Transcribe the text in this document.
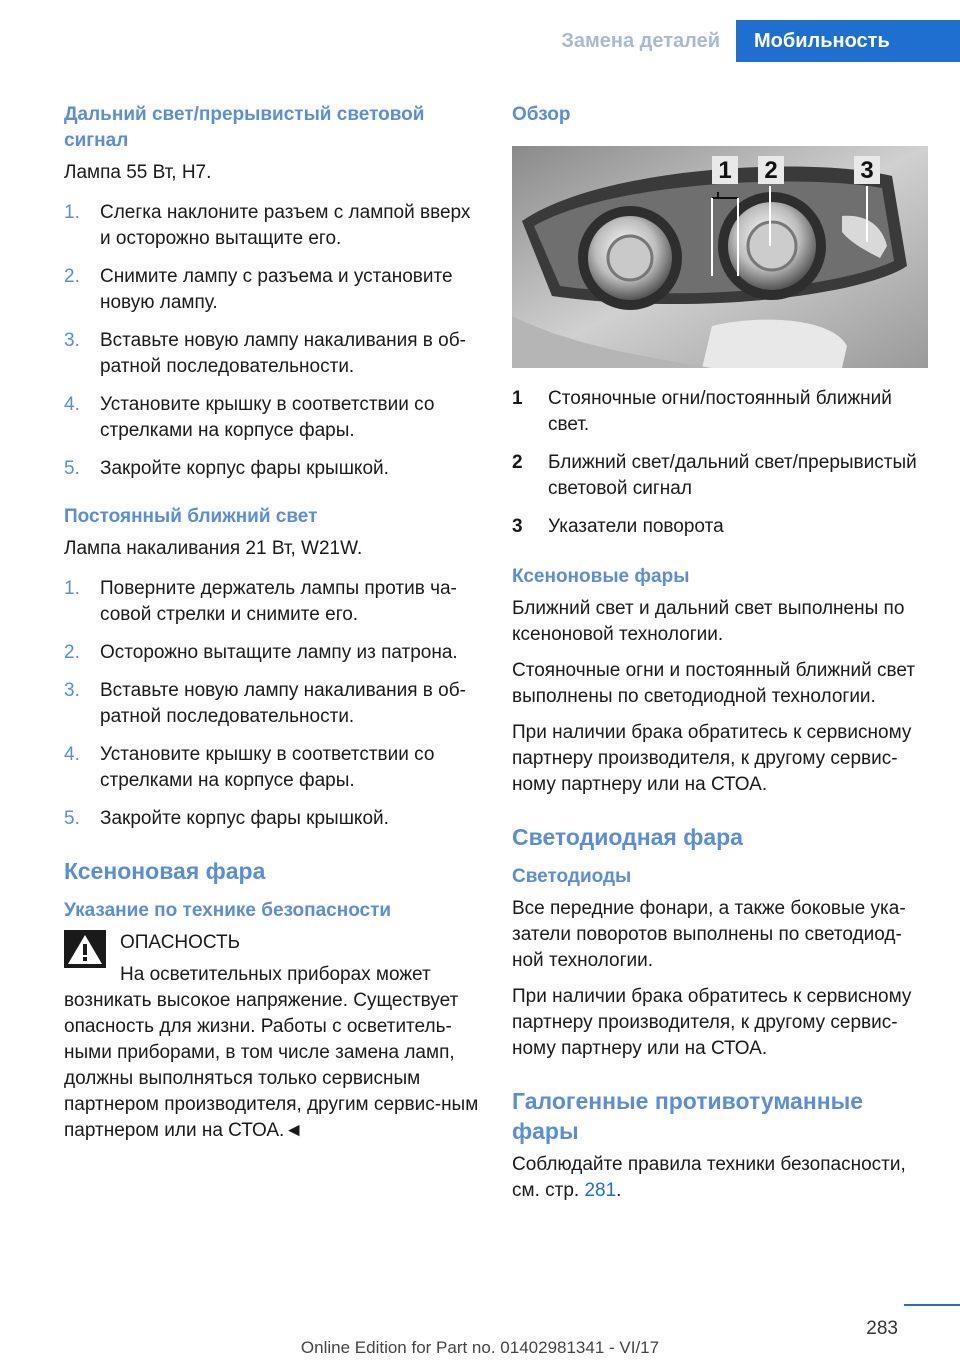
Замена деталей	Мобильность
Дальний свет/прерывистый световой сигнал
Лампа 55 Вт, H7.
1.	Слегка наклоните разъем с лампой вверх и осторожно вытащите его.
2.	Снимите лампу с разъема и установите новую лампу.
3.	Вставьте новую лампу накаливания в об-ратной последовательности.
4.	Установите крышку в соответствии со стрелками на корпусе фары.
5.	Закройте корпус фары крышкой.
Постоянный ближний свет
Лампа накаливания 21 Вт, W21W.
1.	Поверните держатель лампы против ча-совой стрелки и снимите его.
2.	Осторожно вытащите лампу из патрона.
3.	Вставьте новую лампу накаливания в об-ратной последовательности.
4.	Установите крышку в соответствии со стрелками на корпусе фары.
5.	Закройте корпус фары крышкой.
Ксеноновая фара
Указание по технике безопасности
ОПАСНОСТЬ
На осветительных приборах может
возникать высокое напряжение. Существует опасность для жизни. Работы с осветитель-ными приборами, в том числе замена ламп, должны выполняться только сервисным партнером производителя, другим сервис-ным партнером или на СТОА.◄
Обзор
1 2	3
1	Стояночные огни/постоянный ближний свет.
2	Ближний свет/дальний свет/прерывистый световой сигнал
3	Указатели поворота
Ксеноновые фары
Ближний свет и дальний свет выполнены по ксеноновой технологии.
Стояночные огни и постоянный ближний свет выполнены по светодиодной технологии.
При наличии брака обратитесь к сервисному партнеру производителя, к другому сервис-ному партнеру или на СТОА.
Светодиодная фара
Светодиоды
Все передние фонари, а также боковые ука-затели поворотов выполнены по светодиод-ной технологии.
При наличии брака обратитесь к сервисному партнеру производителя, к другому сервис-ному партнеру или на СТОА.
Галогенные противотуманные фары
Соблюдайте правила техники безопасности, см. стр. 281.
283
Online Edition for Part no. 01402981341 - VI/17
